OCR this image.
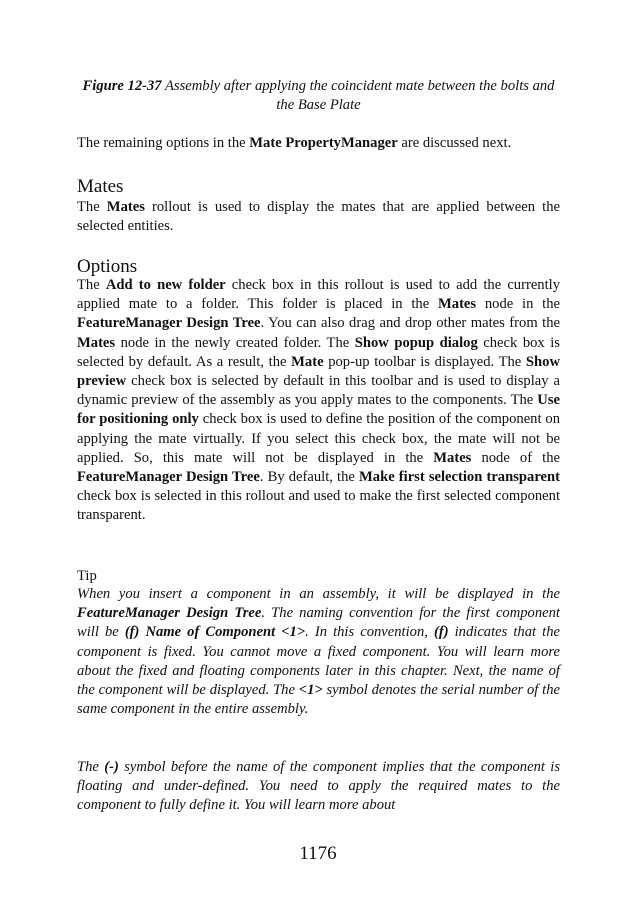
Figure 12-37 Assembly after applying the coincident mate between the bolts and the Base Plate

The remaining options in the Mate PropertyManager are discussed next.

Mates

The Mates rollout is used to display the mates that are applied between the selected entities.

Options

The Add to new folder check box in this rollout is used to add the currently applied mate to a folder. This folder is placed in the Mates node in the FeatureManager Design Tree. You can also drag and drop other mates from the Mates node in the newly created folder. The Show popup dialog check box is selected by default. As a result, the Mate pop-up toolbar is displayed. The Show preview check box is selected by default in this toolbar and is used to display a dynamic preview of the assembly as you apply mates to the components. The Use for positioning only check box is used to define the position of the component on applying the mate virtually. If you select this check box, the mate will not be applied. So, this mate will not be displayed in the Mates node of the FeatureManager Design Tree. By default, the Make first selection transparent check box is selected in this rollout and used to make the first selected component transparent.

Tip

When you insert a component in an assembly, it will be displayed in the FeatureManager Design Tree. The naming convention for the first component will be (f) Name of Component <1>. In this convention, (f) indicates that the component is fixed. You cannot move a fixed component. You will learn more about the fixed and floating components later in this chapter. Next, the name of the component will be displayed. The <1> symbol denotes the serial number of the same component in the entire assembly.

The (-) symbol before the name of the component implies that the component is floating and under-defined. You need to apply the required mates to the component to fully define it. You will learn more about

1176
